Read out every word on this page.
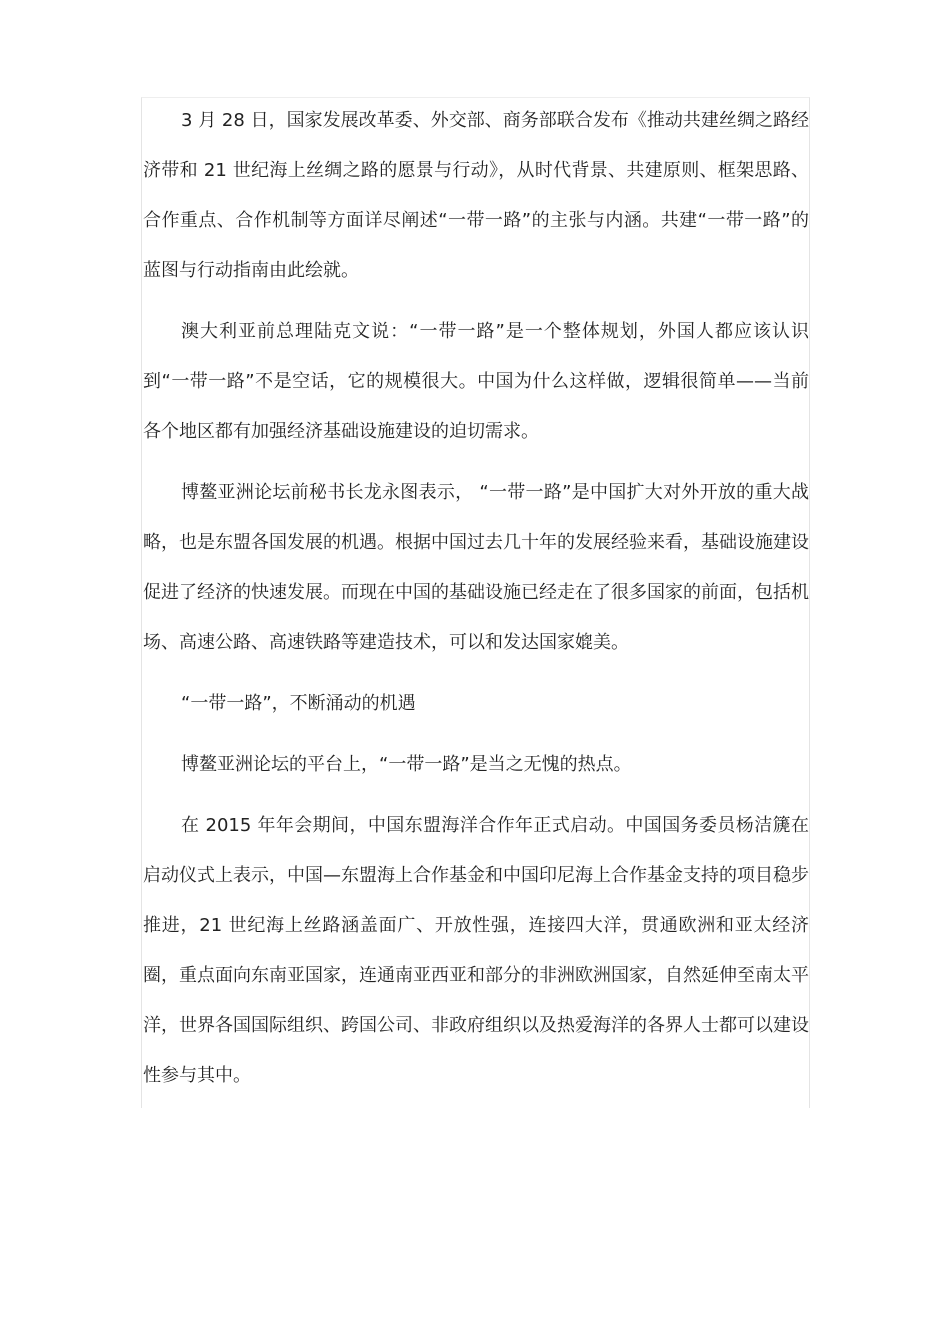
3 月 28 日，国家发展改革委、外交部、商务部联合发布《推动共建丝绸之路经济带和 21 世纪海上丝绸之路的愿景与行动》，从时代背景、共建原则、框架思路、合作重点、合作机制等方面详尽阐述“一带一路”的主张与内涵。共建“一带一路”的蓝图与行动指南由此绘就。

澳大利亚前总理陆克文说：“一带一路”是一个整体规划，外国人都应该认识到“一带一路”不是空话，它的规模很大。中国为什么这样做，逻辑很简单——当前各个地区都有加强经济基础设施建设的迫切需求。

博鳌亚洲论坛前秘书长龙永图表示， “一带一路”是中国扩大对外开放的重大战略，也是东盟各国发展的机遇。根据中国过去几十年的发展经验来看，基础设施建设促进了经济的快速发展。而现在中国的基础设施已经走在了很多国家的前面，包括机场、高速公路、高速铁路等建造技术，可以和发达国家媲美。

“一带一路”，不断涌动的机遇

博鳌亚洲论坛的平台上，“一带一路”是当之无愧的热点。

在 2015 年年会期间，中国东盟海洋合作年正式启动。中国国务委员杨洁篪在启动仪式上表示，中国—东盟海上合作基金和中国印尼海上合作基金支持的项目稳步推进，21 世纪海上丝路涵盖面广、开放性强，连接四大洋，贯通欧洲和亚太经济圈，重点面向东南亚国家，连通南亚西亚和部分的非洲欧洲国家，自然延伸至南太平洋，世界各国国际组织、跨国公司、非政府组织以及热爱海洋的各界人士都可以建设性参与其中。
